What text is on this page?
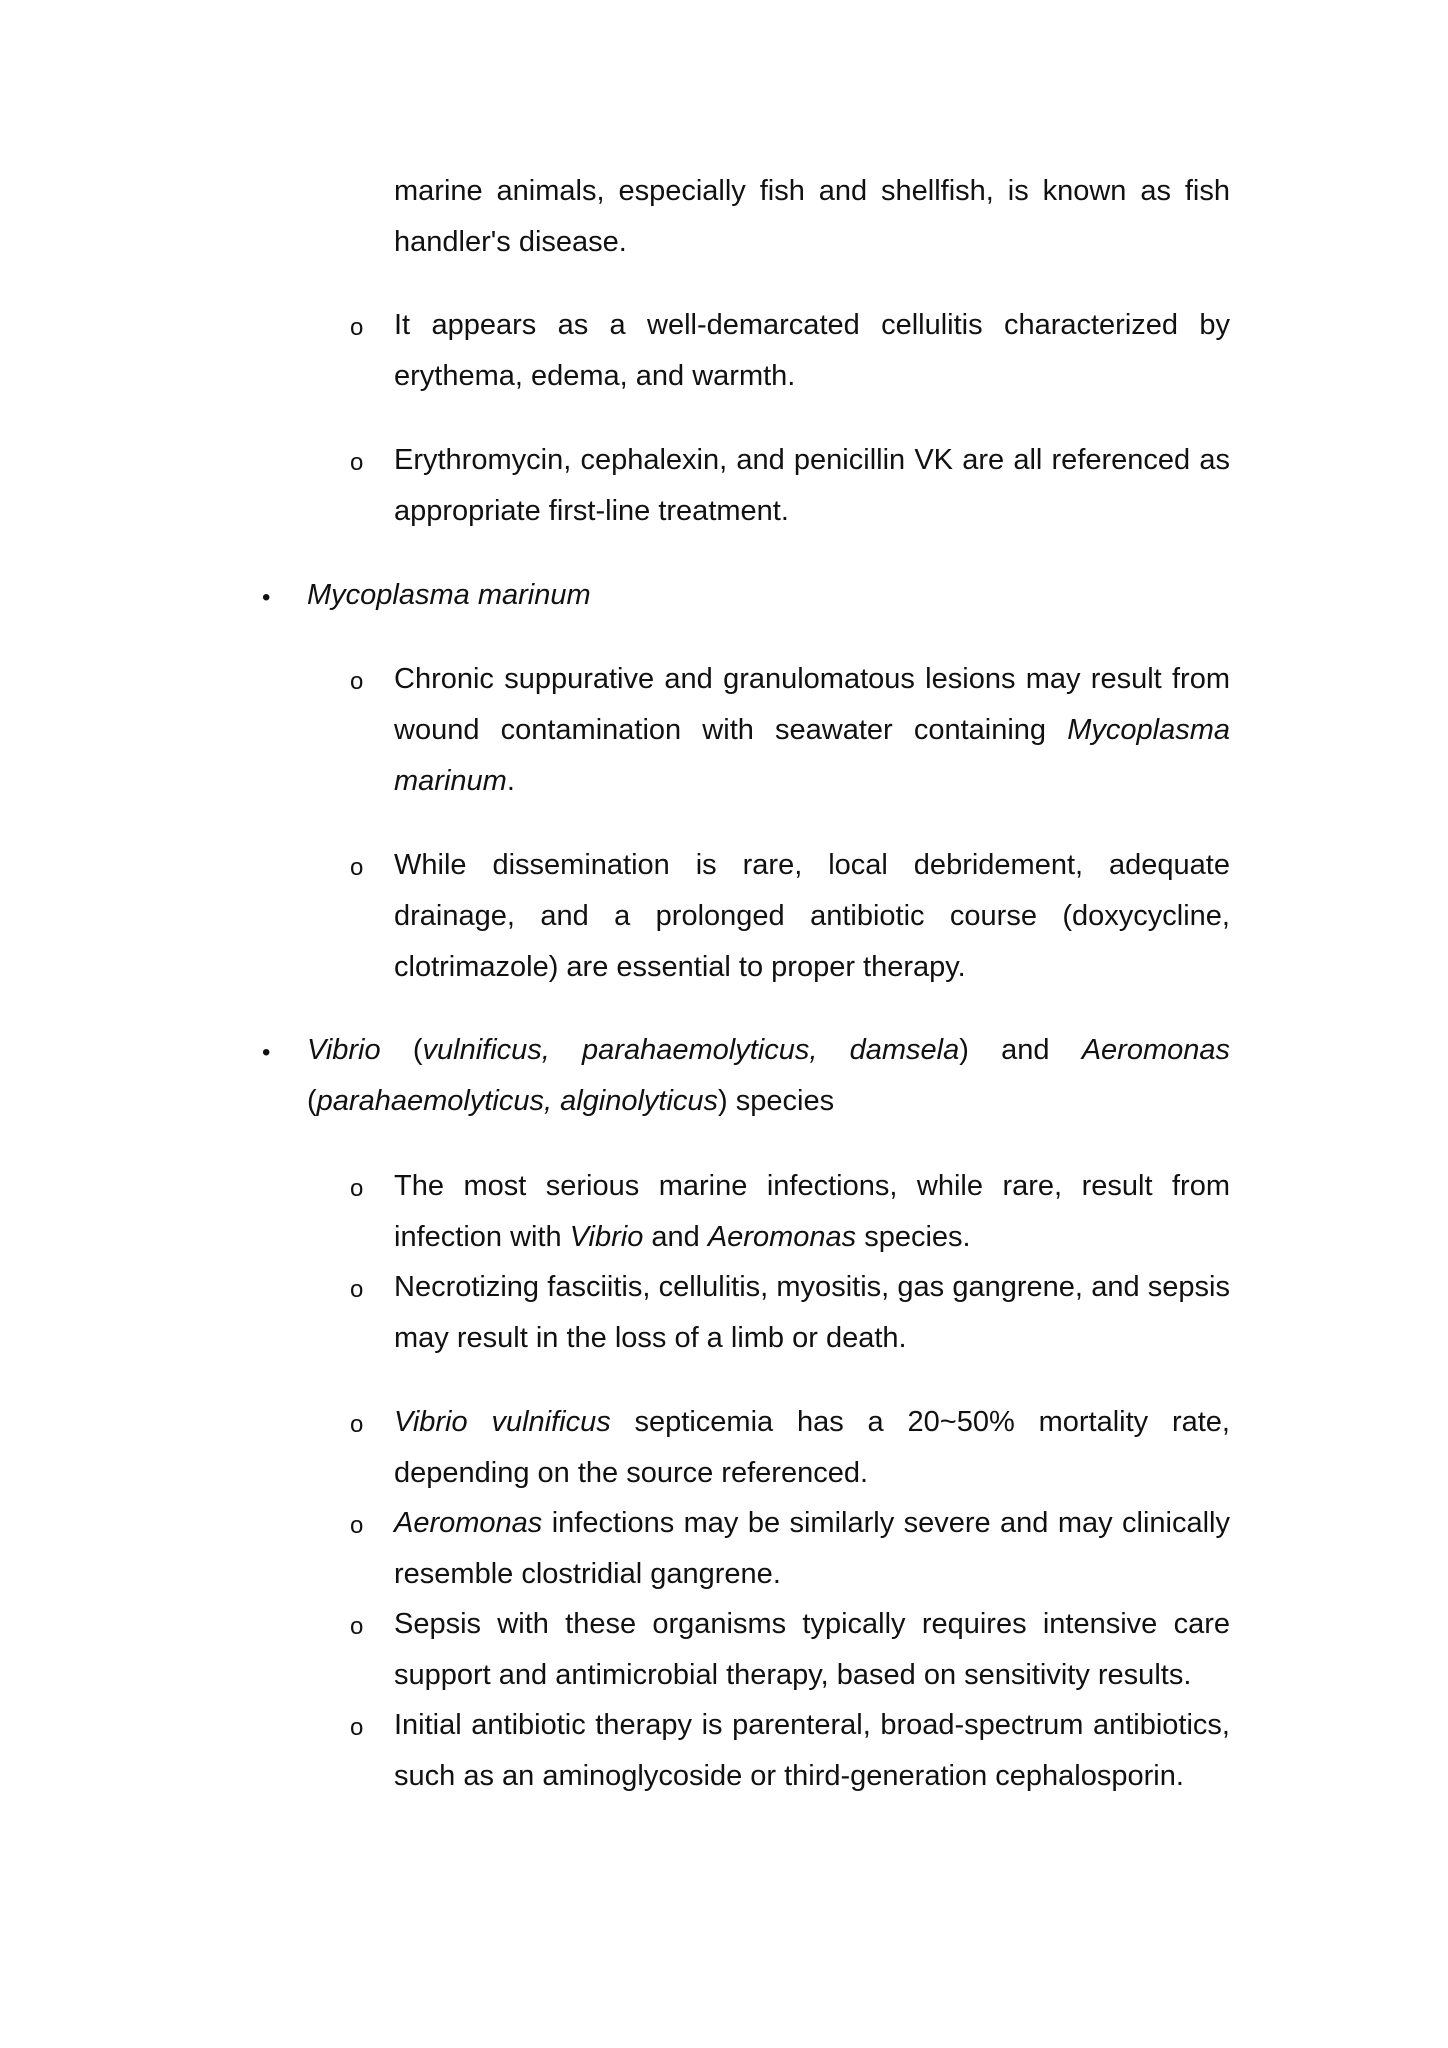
marine animals, especially fish and shellfish, is known as fish handler's disease.
o It appears as a well-demarcated cellulitis characterized by erythema, edema, and warmth.
o Erythromycin, cephalexin, and penicillin VK are all referenced as appropriate first-line treatment.
• Mycoplasma marinum
o Chronic suppurative and granulomatous lesions may result from wound contamination with seawater containing Mycoplasma marinum.
o While dissemination is rare, local debridement, adequate drainage, and a prolonged antibiotic course (doxycycline, clotrimazole) are essential to proper therapy.
• Vibrio (vulnificus, parahaemolyticus, damsela) and Aeromonas (parahaemolyticus, alginolyticus) species
o The most serious marine infections, while rare, result from infection with Vibrio and Aeromonas species.
o Necrotizing fasciitis, cellulitis, myositis, gas gangrene, and sepsis may result in the loss of a limb or death.
o Vibrio vulnificus septicemia has a 20~50% mortality rate, depending on the source referenced.
o Aeromonas infections may be similarly severe and may clinically resemble clostridial gangrene.
o Sepsis with these organisms typically requires intensive care support and antimicrobial therapy, based on sensitivity results.
o Initial antibiotic therapy is parenteral, broad-spectrum antibiotics, such as an aminoglycoside or third-generation cephalosporin.
